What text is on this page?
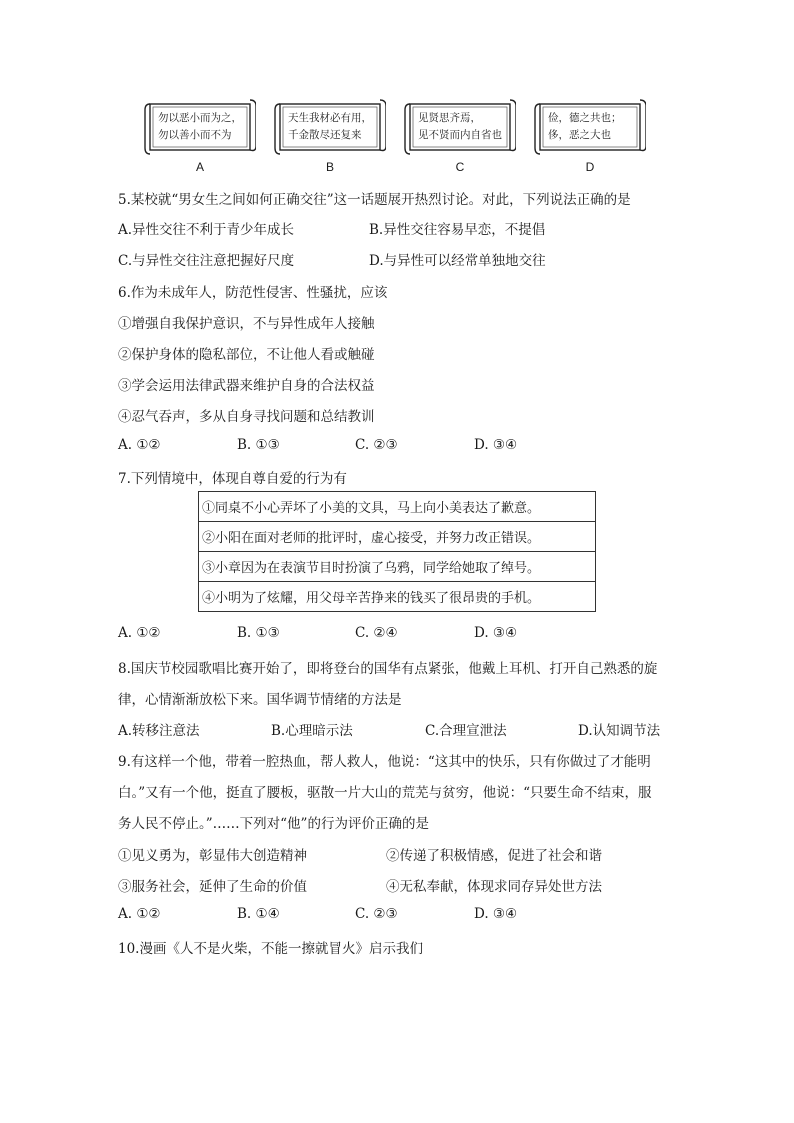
勿以恶小而为之，
勿以善小而不为
A
天生我材必有用，
千金散尽还复来
B
见贤思齐焉，
见不贤而内自省也
C
俭，德之共也；
侈，恶之大也
D
5.某校就“男女生之间如何正确交往”这一话题展开热烈讨论。对此，下列说法正确的是
A.异性交往不利于青少年成长	B.异性交往容易早恋，不提倡
C.与异性交往注意把握好尺度	D.与异性可以经常单独地交往
6.作为未成年人，防范性侵害、性骚扰，应该
①增强自我保护意识，不与异性成年人接触
②保护身体的隐私部位，不让他人看或触碰
③学会运用法律武器来维护自身的合法权益
④忍气吞声，多从自身寻找问题和总结教训
A. ①②	B. ①③	C. ②③	D. ③④
7.下列情境中，体现自尊自爱的行为有
①同桌不小心弄坏了小美的文具，马上向小美表达了歉意。
②小阳在面对老师的批评时，虚心接受，并努力改正错误。
③小章因为在表演节目时扮演了乌鸦，同学给她取了绰号。
④小明为了炫耀，用父母辛苦挣来的钱买了很昂贵的手机。
A. ①②	B. ①③	C. ②④	D. ③④
8.国庆节校园歌唱比赛开始了，即将登台的国华有点紧张，他戴上耳机、打开自己熟悉的旋
律，心情渐渐放松下来。国华调节情绪的方法是
A.转移注意法	B.心理暗示法	C.合理宣泄法	D.认知调节法
9.有这样一个他，带着一腔热血，帮人救人，他说：“这其中的快乐，只有你做过了才能明
白。”又有一个他，挺直了腰板，驱散一片大山的荒芜与贫穷，他说：“只要生命不结束，服
务人民不停止。”……下列对“他”的行为评价正确的是
①见义勇为，彰显伟大创造精神	②传递了积极情感，促进了社会和谐
③服务社会，延伸了生命的价值	④无私奉献，体现求同存异处世方法
A. ①②	B. ①④	C. ②③	D. ③④
10.漫画《人不是火柴，不能一擦就冒火》启示我们
